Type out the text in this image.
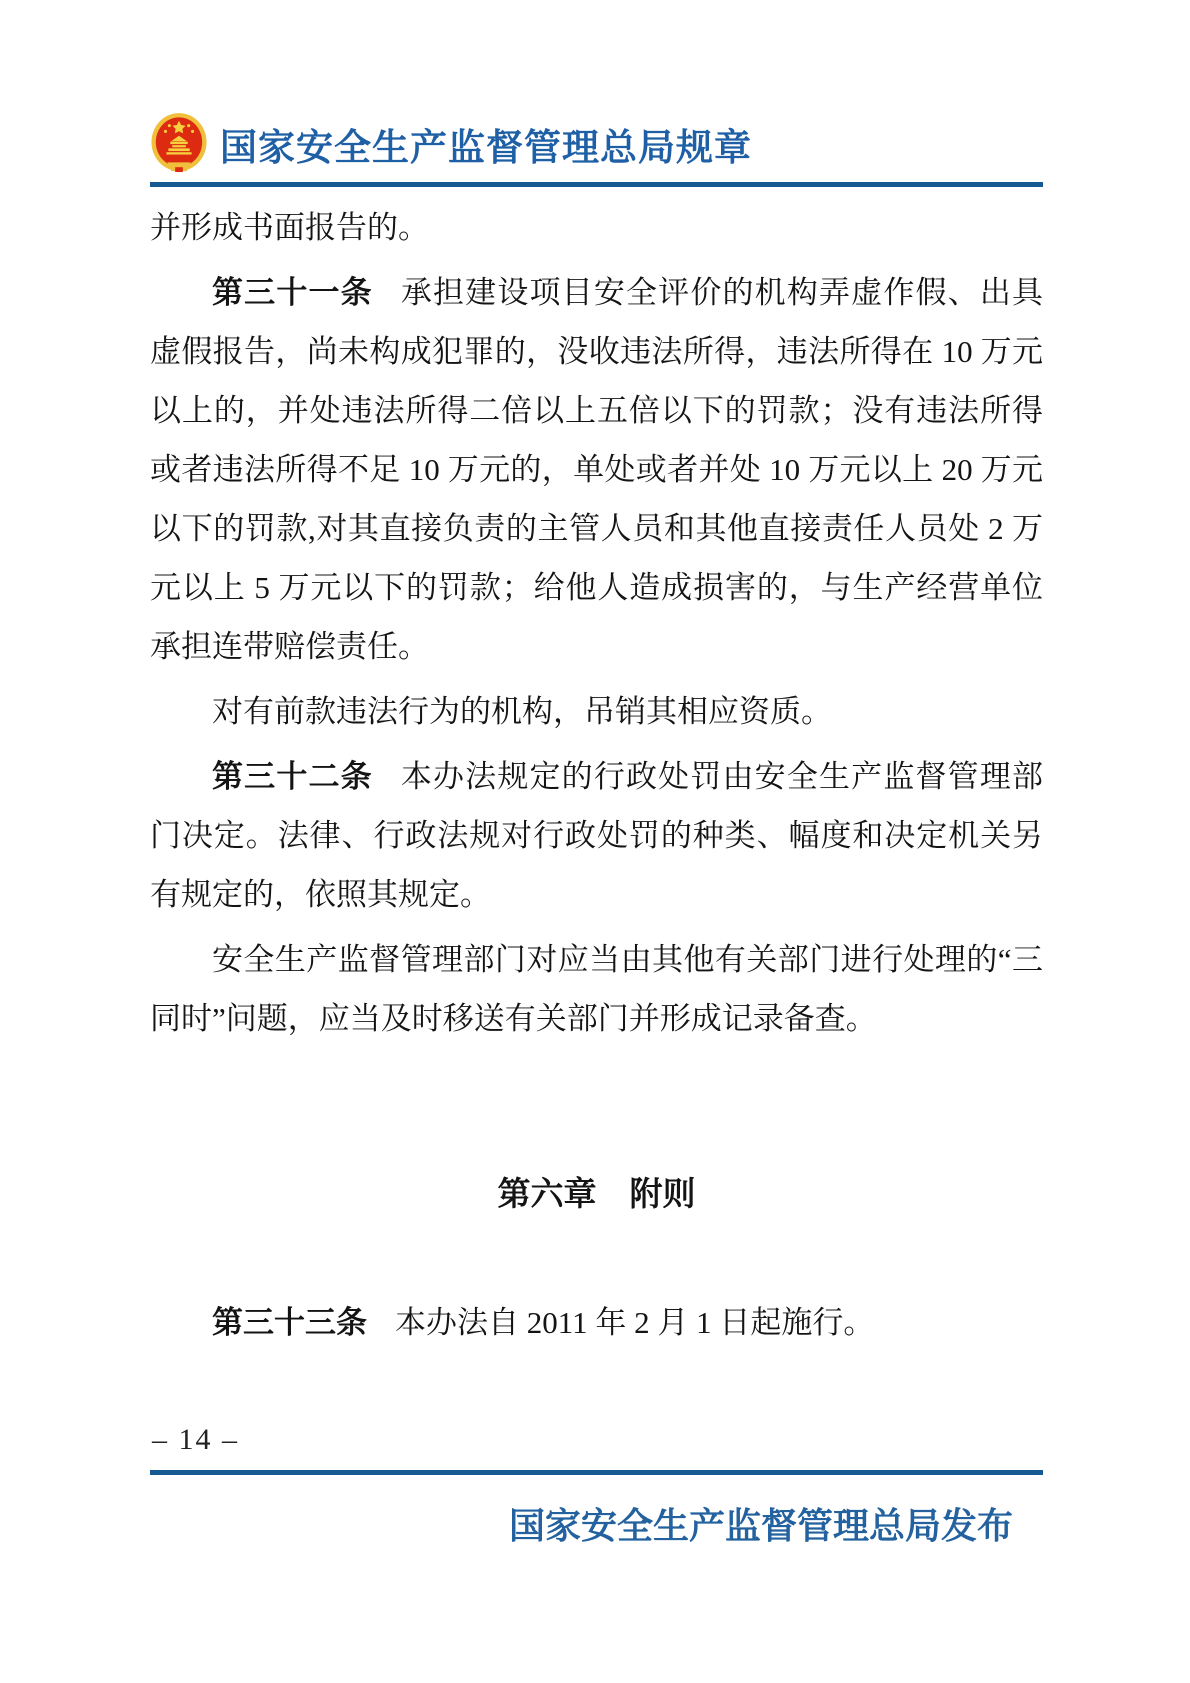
国家安全生产监督管理总局规章

并形成书面报告的。

第三十一条 承担建设项目安全评价的机构弄虚作假、出具虚假报告，尚未构成犯罪的，没收违法所得，违法所得在 10 万元以上的，并处违法所得二倍以上五倍以下的罚款；没有违法所得或者违法所得不足 10 万元的，单处或者并处 10 万元以上 20 万元以下的罚款,对其直接负责的主管人员和其他直接责任人员处 2 万元以上 5 万元以下的罚款；给他人造成损害的，与生产经营单位承担连带赔偿责任。

对有前款违法行为的机构，吊销其相应资质。

第三十二条 本办法规定的行政处罚由安全生产监督管理部门决定。法律、行政法规对行政处罚的种类、幅度和决定机关另有规定的，依照其规定。

安全生产监督管理部门对应当由其他有关部门进行处理的“三同时”问题，应当及时移送有关部门并形成记录备查。

第六章　附则

第三十三条 本办法自 2011 年 2 月 1 日起施行。

– 14 –
国家安全生产监督管理总局发布
